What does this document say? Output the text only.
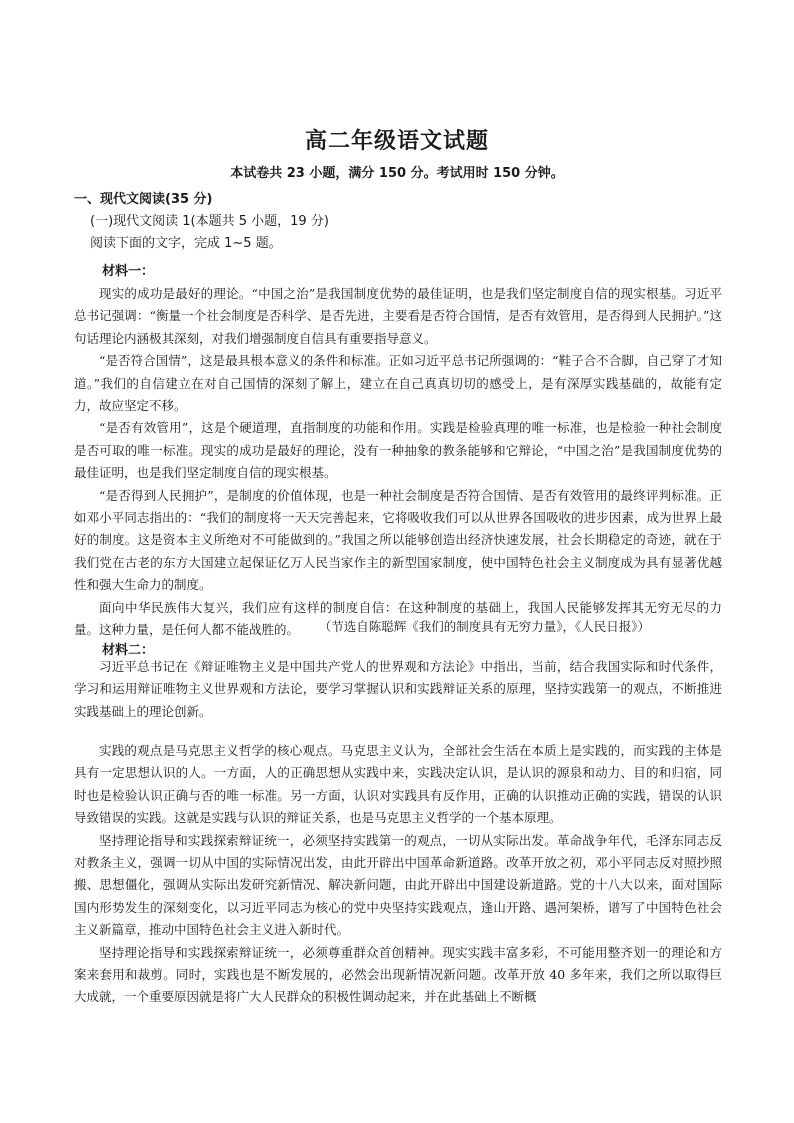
高二年级语文试题
本试卷共 23 小题，满分 150 分。考试用时 150 分钟。
一、现代文阅读(35 分)
(一)现代文阅读 1(本题共 5 小题，19 分)
阅读下面的文字，完成 1~5 题。
材料一：

现实的成功是最好的理论。“中国之治”是我国制度优势的最佳证明，也是我们坚定制度自信的现实根基。习近平总书记强调：“衡量一个社会制度是否科学、是否先进，主要看是否符合国情，是否有效管用，是否得到人民拥护。”这句话理论内涵极其深刻，对我们增强制度自信具有重要指导意义。

“是否符合国情”，这是最具根本意义的条件和标准。正如习近平总书记所强调的：“鞋子合不合脚，自己穿了才知道。”我们的自信建立在对自己国情的深刻了解上，建立在自己真真切切的感受上，是有深厚实践基础的，故能有定力，故应坚定不移。

“是否有效管用”，这是个硬道理，直指制度的功能和作用。实践是检验真理的唯一标准，也是检验一种社会制度是否可取的唯一标准。现实的成功是最好的理论，没有一种抽象的教条能够和它辩论，“中国之治”是我国制度优势的最佳证明，也是我们坚定制度自信的现实根基。

“是否得到人民拥护”，是制度的价值体现，也是一种社会制度是否符合国情、是否有效管用的最终评判标准。正如邓小平同志指出的：“我们的制度将一天天完善起来，它将吸收我们可以从世界各国吸收的进步因素，成为世界上最好的制度。这是资本主义所绝对不可能做到的。”我国之所以能够创造出经济快速发展，社会长期稳定的奇迹，就在于我们党在古老的东方大国建立起保证亿万人民当家作主的新型国家制度，使中国特色社会主义制度成为具有显著优越性和强大生命力的制度。

面向中华民族伟大复兴，我们应有这样的制度自信：在这种制度的基础上，我国人民能够发挥其无穷无尽的力量。这种力量，是任何人都不能战胜的。	（节选自陈聪辉《我们的制度具有无穷力量》，《人民日报》）
材料二：

习近平总书记在《辩证唯物主义是中国共产党人的世界观和方法论》中指出，当前，结合我国实际和时代条件，学习和运用辩证唯物主义世界观和方法论，要学习掌握认识和实践辩证关系的原理，坚持实践第一的观点，不断推进实践基础上的理论创新。

实践的观点是马克思主义哲学的核心观点。马克思主义认为，全部社会生活在本质上是实践的，而实践的主体是具有一定思想认识的人。一方面，人的正确思想从实践中来，实践决定认识，是认识的源泉和动力、目的和归宿，同时也是检验认识正确与否的唯一标准。另一方面，认识对实践具有反作用，正确的认识推动正确的实践，错误的认识导致错误的实践。这就是实践与认识的辩证关系，也是马克思主义哲学的一个基本原理。

坚持理论指导和实践探索辩证统一，必须坚持实践第一的观点，一切从实际出发。革命战争年代，毛泽东同志反对教条主义，强调一切从中国的实际情况出发，由此开辟出中国革命新道路。改革开放之初，邓小平同志反对照抄照搬、思想僵化，强调从实际出发研究新情况、解决新问题，由此开辟出中国建设新道路。党的十八大以来，面对国际国内形势发生的深刻变化，以习近平同志为核心的党中央坚持实践观点，逢山开路、遇河架桥，谱写了中国特色社会主义新篇章，推动中国特色社会主义进入新时代。

坚持理论指导和实践探索辩证统一，必须尊重群众首创精神。现实实践丰富多彩，不可能用整齐划一的理论和方案来套用和裁剪。同时，实践也是不断发展的，必然会出现新情况新问题。改革开放 40 多年来，我们之所以取得巨大成就，一个重要原因就是将广大人民群众的积极性调动起来，并在此基础上不断概
